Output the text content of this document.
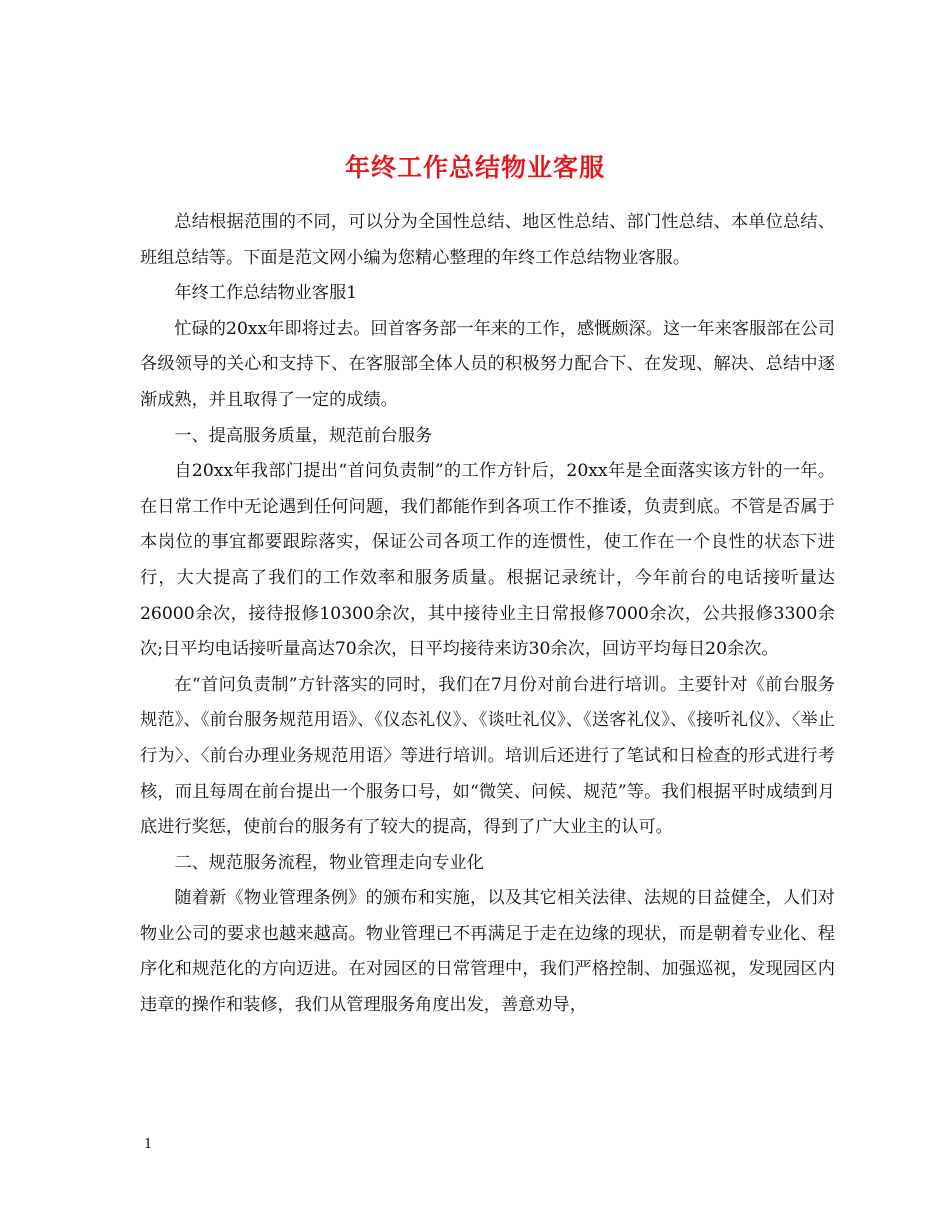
年终工作总结物业客服

总结根据范围的不同，可以分为全国性总结、地区性总结、部门性总结、本单位总结、班组总结等。下面是范文网小编为您精心整理的年终工作总结物业客服。

年终工作总结物业客服1

忙碌的20xx年即将过去。回首客务部一年来的工作，感慨颇深。这一年来客服部在公司各级领导的关心和支持下、在客服部全体人员的积极努力配合下、在发现、解决、总结中逐渐成熟，并且取得了一定的成绩。

一、提高服务质量，规范前台服务

自20xx年我部门提出“首问负责制”的工作方针后，20xx年是全面落实该方针的一年。在日常工作中无论遇到任何问题，我们都能作到各项工作不推诿，负责到底。不管是否属于本岗位的事宜都要跟踪落实，保证公司各项工作的连惯性，使工作在一个良性的状态下进行，大大提高了我们的工作效率和服务质量。根据记录统计，今年前台的电话接听量达26000余次，接待报修10300余次，其中接待业主日常报修7000余次，公共报修3300余次;日平均电话接听量高达70余次，日平均接待来访30余次，回访平均每日20余次。

在“首问负责制”方针落实的同时，我们在7月份对前台进行培训。主要针对《前台服务规范》、《前台服务规范用语》、《仪态礼仪》、《谈吐礼仪》、《送客礼仪》、《接听礼仪》、〈举止行为〉、〈前台办理业务规范用语〉等进行培训。培训后还进行了笔试和日检查的形式进行考核，而且每周在前台提出一个服务口号，如“微笑、问候、规范”等。我们根据平时成绩到月底进行奖惩，使前台的服务有了较大的提高，得到了广大业主的认可。

二、规范服务流程，物业管理走向专业化

随着新《物业管理条例》的颁布和实施，以及其它相关法律、法规的日益健全，人们对物业公司的要求也越来越高。物业管理已不再满足于走在边缘的现状，而是朝着专业化、程序化和规范化的方向迈进。在对园区的日常管理中，我们严格控制、加强巡视，发现园区内违章的操作和装修，我们从管理服务角度出发，善意劝导，

1
